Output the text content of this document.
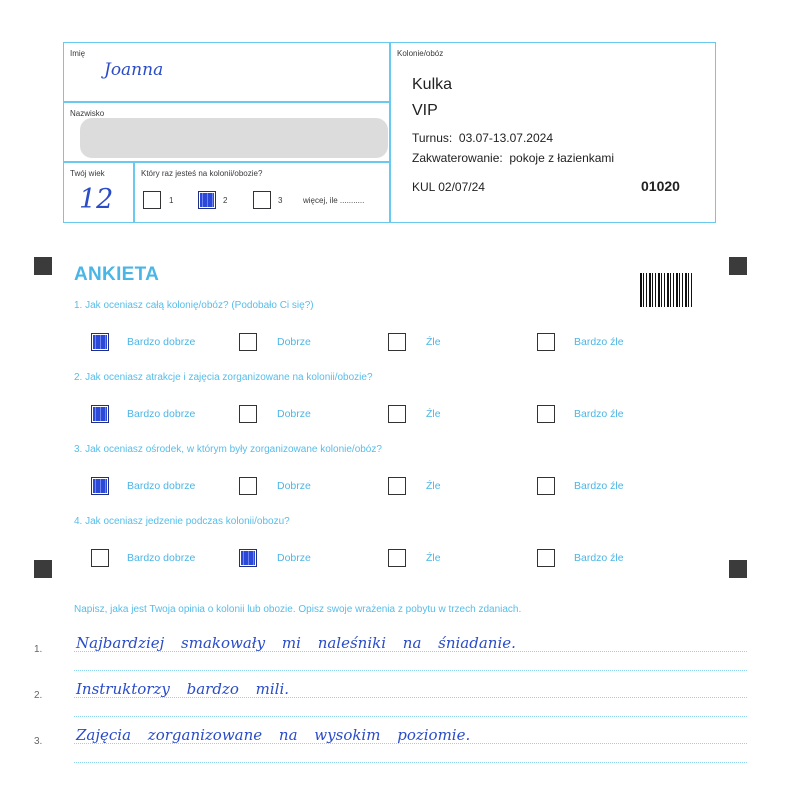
Imię
Joanna
Nazwisko
Twój wiek
12
Który raz jesteś na kolonii/obozie?
1	2	3	więcej, ile ...........
Kolonie/obóz
Kulka
VIP
Turnus:  03.07-13.07.2024
Zakwaterowanie:  pokoje z łazienkami
KUL 02/07/24	01020
ANKIETA
1. Jak oceniasz całą kolonię/obóz? (Podobało Ci się?)
Bardzo dobrze	Dobrze	Źle	Bardzo źle
2. Jak oceniasz atrakcje i zajęcia zorganizowane na kolonii/obozie?
Bardzo dobrze	Dobrze	Źle	Bardzo źle
3. Jak oceniasz ośrodek, w którym były zorganizowane kolonie/obóz?
Bardzo dobrze	Dobrze	Źle	Bardzo źle
4. Jak oceniasz jedzenie podczas kolonii/obozu?
Bardzo dobrze	Dobrze	Źle	Bardzo źle
Napisz, jaka jest Twoja opinia o kolonii lub obozie. Opisz swoje wrażenia z pobytu w trzech zdaniach.
1. Najbardziej smakowały mi naleśniki na śniadanie.
2. Instruktorzy bardzo mili.
3. Zajęcia zorganizowane na wysokim poziomie.
